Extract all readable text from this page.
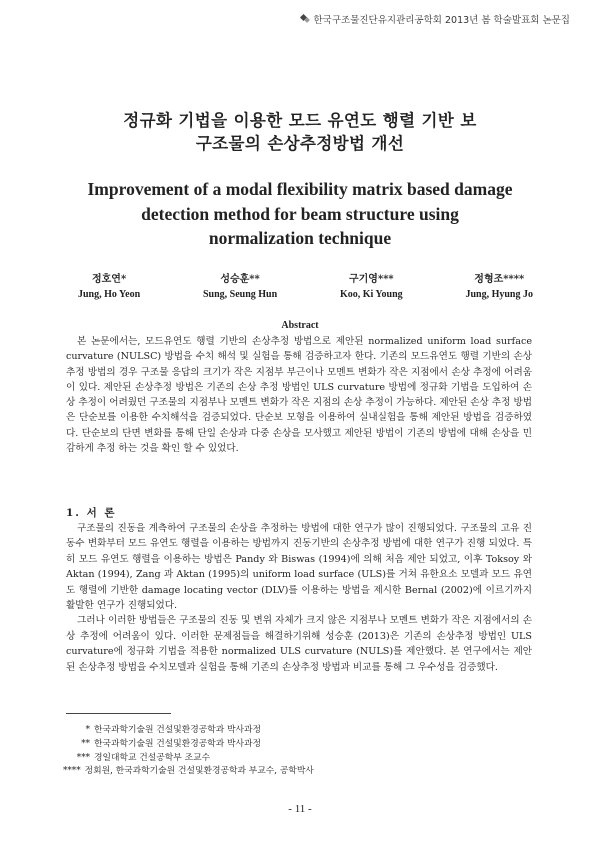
한국구조물진단유지관리공학회 2013년 봄 학술발표회 논문집
정규화 기법을 이용한 모드 유연도 행렬 기반 보
구조물의 손상추정방법 개선
Improvement of a modal flexibility matrix based damage
detection method for beam structure using
normalization technique
정호연*
Jung, Ho Yeon
성승훈**
Sung, Seung Hun
구기영***
Koo, Ki Young
정형조****
Jung, Hyung Jo
Abstract

본 논문에서는, 모드유연도 행렬 기반의 손상추정 방법으로 제안된 normalized uniform load surface curvature (NULSC) 방법을 수치 해석 및 실험을 통해 검증하고자 한다. 기존의 모드유연도 행렬 기반의 손상 추정 방법의 경우 구조물 응답의 크기가 작은 지점부 부근이나 모멘트 변화가 작은 지점에서 손상 추정에 어려움이 있다. 제안된 손상추정 방법은 기존의 손상 추정 방법인 ULS curvature 방법에 정규화 기법을 도입하여 손상 추정이 어려웠던 구조물의 지점부나 모멘트 변화가 작은 지점의 손상 추정이 가능하다. 제안된 손상 추정 방법은 단순보를 이용한 수치해석을 검증되었다. 단순보 모형을 이용하여 실내실험을 통해 제안된 방법을 검증하였다. 단순보의 단면 변화를 통해 단일 손상과 다중 손상을 모사했고 제안된 방법이 기존의 방법에 대해 손상을 민감하게 추정 하는 것을 확인 할 수 있었다.

1. 서 론

구조물의 진동을 계측하여 구조물의 손상을 추정하는 방법에 대한 연구가 많이 진행되었다. 구조물의 고유 진동수 변화부터 모드 유연도 행렬을 이용하는 방법까지 진동기반의 손상추정 방법에 대한 연구가 진행 되었다. 특히 모드 유연도 행렬을 이용하는 방법은 Pandy 와 Biswas (1994)에 의해 처음 제안 되었고, 이후 Toksoy 와 Aktan (1994), Zang 과 Aktan (1995)의 uniform load surface (ULS)를 거쳐 유한요소 모델과 모드 유연도 행렬에 기반한 damage locating vector (DLV)를 이용하는 방법을 제시한 Bernal (2002)에 이르기까지 활발한 연구가 진행되었다.

그러나 이러한 방법들은 구조물의 진동 및 변위 자체가 크지 않은 지점부나 모멘트 변화가 작은 지점에서의 손상 추정에 어려움이 있다. 이러한 문제점들을 해결하기위해 성승훈 (2013)은 기존의 손상추정 방법인 ULS curvature에 정규화 기법을 적용한 normalized ULS curvature (NULS)를 제안했다. 본 연구에서는 제안된 손상추정 방법을 수치모델과 실험을 통해 기존의 손상추정 방법과 비교를 통해 그 우수성을 검증했다.

* 한국과학기술원 건설및환경공학과 박사과정
** 한국과학기술원 건설및환경공학과 박사과정
*** 경일대학교 건설공학부 조교수
**** 정회원, 한국과학기술원 건설및환경공학과 부교수, 공학박사
- 11 -
